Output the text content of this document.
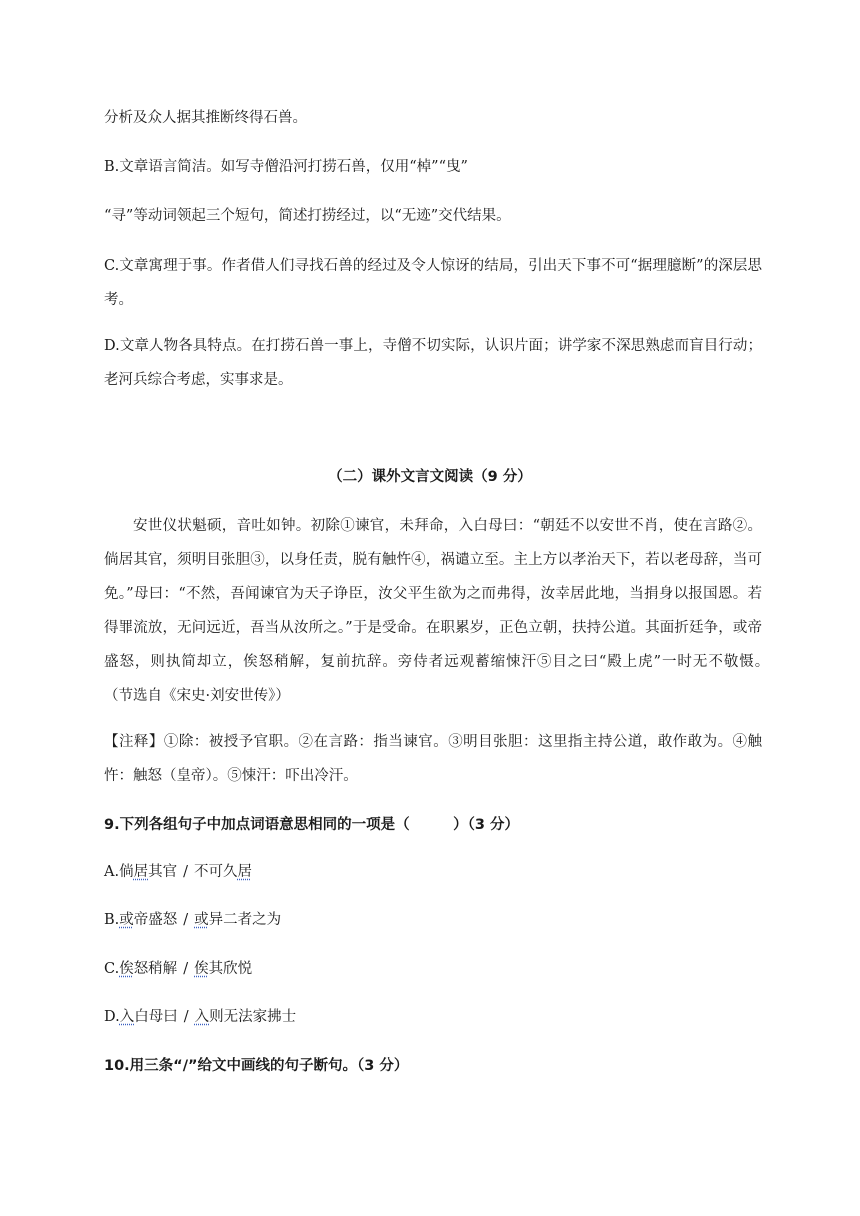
分析及众人据其推断终得石兽。
B.文章语言简洁。如写寺僧沿河打捞石兽，仅用“棹”“曳”
“寻”等动词领起三个短句，简述打捞经过，以“无迹”交代结果。
C.文章寓理于事。作者借人们寻找石兽的经过及令人惊讶的结局，引出天下事不可“据理臆断”的深层思考。
D.文章人物各具特点。在打捞石兽一事上，寺僧不切实际，认识片面；讲学家不深思熟虑而盲目行动；老河兵综合考虑，实事求是。
（二）课外文言文阅读（9 分）
安世仪状魁硕，音吐如钟。初除①谏官，未拜命，入白母曰：“朝廷不以安世不肖，使在言路②。倘居其官，须明目张胆③，以身任责，脱有触忤④，祸谴立至。主上方以孝治天下，若以老母辞，当可免。”母曰：“不然，吾闻谏官为天子诤臣，汝父平生欲为之而弗得，汝幸居此地，当捐身以报国恩。若得罪流放，无问远近，吾当从汝所之。”于是受命。在职累岁，正色立朝，扶持公道。其面折廷争，或帝盛怒，则执简却立，俟怒稍解，复前抗辞。旁侍者远观蓄缩悚汗⑤目之曰“殿上虎”一时无不敬慑。　　（节选自《宋史·刘安世传》）
【注释】①除：被授予官职。②在言路：指当谏官。③明目张胆：这里指主持公道，敢作敢为。④触忤：触怒（皇帝）。⑤悚汗：吓出冷汗。
9.下列各组句子中加点词语意思相同的一项是（　　　）（3 分）
A.倘居其官 / 不可久居
B.或帝盛怒 / 或异二者之为
C.俟怒稍解 / 俟其欣悦
D.入白母曰 / 入则无法家拂士
10.用三条“/”给文中画线的句子断句。（3 分）
